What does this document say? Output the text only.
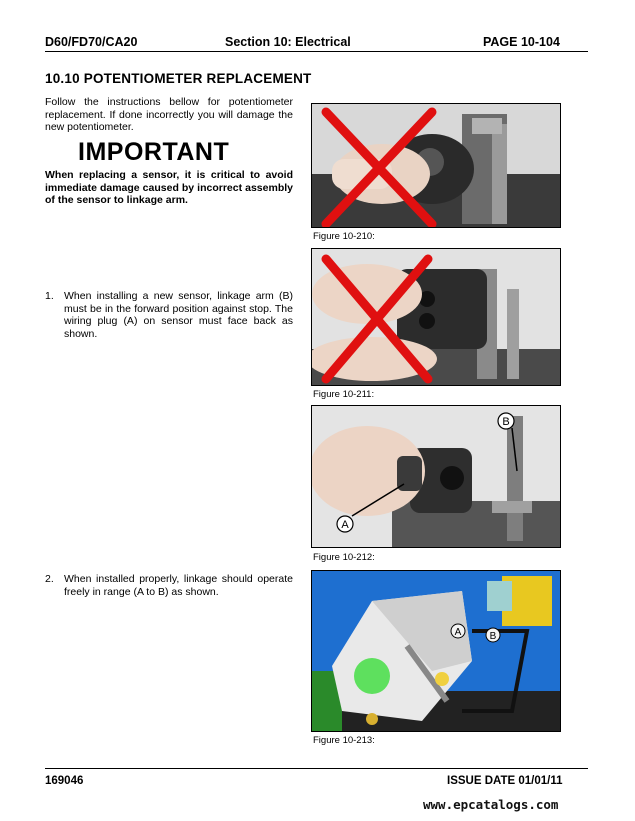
D60/FD70/CA20	Section 10: Electrical	PAGE 10-104
10.10 POTENTIOMETER REPLACEMENT
Follow the instructions bellow for potentiometer replacement. If done incorrectly you will damage the new potentiometer.
IMPORTANT
When replacing a sensor, it is critical to avoid immediate damage caused by incorrect assembly of the sensor to linkage arm.
1. When installing a new sensor, linkage arm (B) must be in the forward position against stop. The wiring plug (A) on sensor must face back as shown.
2. When installed properly, linkage should operate freely in range (A to B) as shown.
Figure 10-210:
Figure 10-211:
A
B
Figure 10-212:
A	B
Figure 10-213:
169046	ISSUE DATE 01/01/11
www.epcatalogs.com
